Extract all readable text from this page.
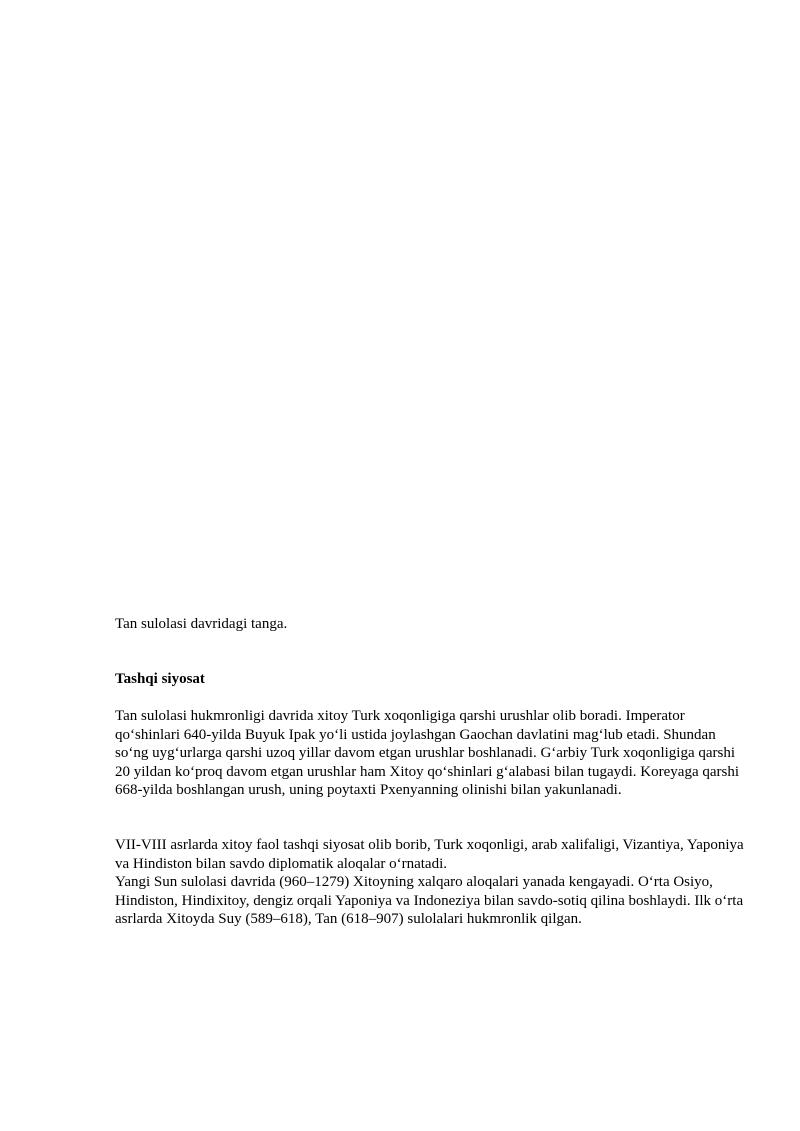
Tan sulolasi davridagi tanga.

Tashqi siyosat

Tan sulolasi hukmronligi davrida xitoy Turk xoqonligiga qarshi urushlar olib boradi. Imperator qo‘shinlari 640-yilda Buyuk Ipak yo‘li ustida joylashgan Gaochan davlatini mag‘lub etadi. Shundan so‘ng uyg‘urlarga qarshi uzoq yillar davom etgan urushlar boshlanadi. G‘arbiy Turk xoqonligiga qarshi 20 yildan ko‘proq davom etgan urushlar ham Xitoy qo‘shinlari g‘alabasi bilan tugaydi. Koreyaga qarshi 668-yilda boshlangan urush, uning poytaxti Pxenyanning olinishi bilan yakunlanadi.

VII-VIII asrlarda xitoy faol tashqi siyosat olib borib, Turk xoqonligi, arab xalifaligi, Vizantiya, Yaponiya va Hindiston bilan savdo diplomatik aloqalar o‘rnatadi.

Yangi Sun sulolasi davrida (960–1279) Xitoyning xalqaro aloqalari yanada kengayadi. O‘rta Osiyo, Hindiston, Hindixitoy, dengiz orqali Yaponiya va Indoneziya bilan savdo-sotiq qilina boshlaydi. Ilk o‘rta asrlarda Xitoyda Suy (589–618), Tan (618–907) sulolalari hukmronlik qilgan.
